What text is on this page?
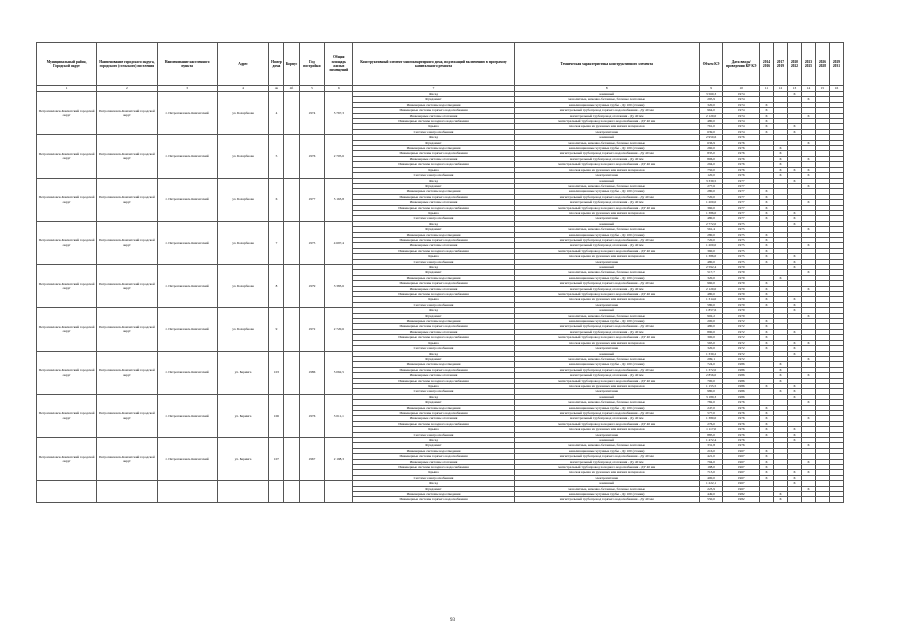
Муниципальный район, Городской округ	Наименование городского округа, городского (сельского) поселения	Наименование населенного пункта	Адрес	Номер дома	Корпус	Год постройки	Общая площадь жилых помещений	Конструктивный элемент многоквартирного дома, подлежащий включению в программу капитального ремонта	Техническая характеристика конструктивного элемента	Объем КЭ	Дата ввода/ проведения КР КЭ	2014 2016	2017 2019	2020 2022	2023 2025	2026 2028	2029 2031
1	2	3	4	4а	4б	5	6	7	8	9	10	11	12	13	14	15	16
Петропавловск-Камчатский городской округ	Петропавловск-Камчатский городской округ	г. Петропавловск-Камчатский	ул. Бохарбнова	4		1974	5 767,3	Фасад	каменный	3 560,3	1974			X			
								Фундамент	монолитные, каменно-бетонные, блочные ленточные	295,9	1974				X		
								Инженерные системы водоотведения	канализационные чугунные трубы - Ду 100 (стояки)	320,0	1974	X					
								Инженерные системы горячего водоснабжения	магистральный трубопровод горячего водоснабжения - Ду 40 мм	964,0	1974	X					
								Инженерные системы отопления	магистральный трубопровод отопления - Ду 40 мм	2 120,0	1974	X			X		
								Инженерные системы холодного водоснабжения	магистральный трубопровод холодного водоснабжения - ДУ 40 мм	480,0	1974	X					
								Крыша	плоская крыша из рулонных или мягких материалов	761,0	1974	X		X			
								Система электроснабжения	электропитание	639,0	1974	X		X			
Петропавловск-Камчатский городской округ	Петропавловск-Камчатский городской округ	г. Петропавловск-Камчатский	ул. Бохарбнова	5		1976	2 705,6	Фасад	каменный	2 950,6	1976						
								Фундамент	монолитные, каменно-бетонные, блочные ленточные	636,9	1976				X		
								Инженерные системы водоотведения	канализационные чугунные трубы - Ду 100 (стояки)	260,0	1976		X				
								Инженерные системы горячего водоснабжения	магистральный трубопровод горячего водоснабжения - Ду 40 мм	835,0	1976		X				
								Инженерные системы отопления	магистральный трубопровод отопления - Ду 40 мм	806,0	1976		X		X		
								Инженерные системы холодного водоснабжения	магистральный трубопровод холодного водоснабжения - ДУ 40 мм	294,0	1976		X				
								Крыша	плоская крыша из рулонных или мягких материалов	750,0	1976		X	X	X		
								Система электроснабжения	электропитание	120,0	1976		X		X		
Петропавловск-Камчатский городской округ	Петропавловск-Камчатский городской округ	г. Петропавловск-Камчатский	ул. Бохарбнова	6		1977	5 163,8	Фасад	каменный	3 339,5	1977			X			
								Фундамент	монолитные, каменно-бетонные, блочные ленточные	277,6	1977				X		
								Инженерные системы водоотведения	канализационные чугунные трубы - Ду 100 (стояки)	280,0	1977	X					
								Инженерные системы горячего водоснабжения	магистральный трубопровод горячего водоснабжения - Ду 40 мм	720,0	1977	X					
								Инженерные системы отопления	магистральный трубопровод отопления - Ду 40 мм	1 200,0	1977	X			X		
								Инженерные системы холодного водоснабжения	магистральный трубопровод холодного водоснабжения - ДУ 40 мм	360,0	1977	X					
								Крыша	плоская крыша из рулонных или мягких материалов	1 386,0	1977	X		X			
								Система электроснабжения	электропитание	480,0	1977	X		X			
Петропавловск-Камчатский городской округ	Петропавловск-Камчатский городской округ	г. Петропавловск-Камчатский	ул. Бохарбнова	7		1975	4 697,4	Фасад	каменный	2 772,0	1975			X			
								Фундамент	монолитные, каменно-бетонные, блочные ленточные	561,4	1975				X		
								Инженерные системы водоотведения	канализационные чугунные трубы - Ду 100 (стояки)	280,0	1975	X					
								Инженерные системы горячего водоснабжения	магистральный трубопровод горячего водоснабжения - Ду 40 мм	720,0	1975	X					
								Инженерные системы отопления	магистральный трубопровод отопления - Ду 40 мм	1 200,0	1975	X			X		
								Инженерные системы холодного водоснабжения	магистральный трубопровод холодного водоснабжения - ДУ 40 мм	360,0	1975	X					
								Крыша	плоская крыша из рулонных или мягких материалов	1 386,0	1975	X		X			
								Система электроснабжения	электропитание	480,0	1975	X		X			
Петропавловск-Камчатский городской округ	Петропавловск-Камчатский городской округ	г. Петропавловск-Камчатский	ул. Бохарбнова	8		1979	3 383,6	Фасад	каменный	2 592,4	1979			X			
								Фундамент	монолитные, каменно-бетонные, блочные ленточные	517,7	1979				X		
								Инженерные системы водоотведения	канализационные чугунные трубы - Ду 100 (стояки)	320,0	1979		X				
								Инженерные системы горячего водоснабжения	магистральный трубопровод горячего водоснабжения - Ду 40 мм	960,0	1979	X					
								Инженерные системы отопления	магистральный трубопровод отопления - Ду 40 мм	2 120,0	1979	X			X		
								Инженерные системы холодного водоснабжения	магистральный трубопровод холодного водоснабжения - ДУ 40 мм	480,0	1979	X					
								Крыша	плоская крыша из рулонных или мягких материалов	1 314,0	1979	X		X			
								Система электроснабжения	электропитание	580,0	1979	X		X			
Петропавловск-Камчатский городской округ	Петропавловск-Камчатский городской округ	г. Петропавловск-Камчатский	ул. Бохарбнова	9		1972	2 720,6	Фасад	каменный	1 857,6	1979			X			
								Фундамент	монолитные, каменно-бетонные, блочные ленточные	902,2	1979				X		
								Инженерные системы водоотведения	канализационные чугунные трубы - Ду 100 (стояки)	200,0	1972	X					
								Инженерные системы горячего водоснабжения	магистральный трубопровод горячего водоснабжения - Ду 40 мм	480,0	1972	X					
								Инженерные системы отопления	магистральный трубопровод отопления - Ду 40 мм	890,0	1972	X		X			
								Инженерные системы холодного водоснабжения	магистральный трубопровод холодного водоснабжения - ДУ 40 мм	300,0	1972	X					
								Крыша	плоская крыша из рулонных или мягких материалов	565,0	1972	X		X	X		
								Система электроснабжения	электропитание	320,0	1972	X		X			
Петропавловск-Камчатский городской округ	Петропавловск-Камчатский городской округ	г. Петропавловск-Камчатский	ул. Беринга	103		1986	5 062,5	Фасад	каменный	1 330,2	1972			X			
								Фундамент	монолитные, каменно-бетонные, блочные ленточные	299,1	1972				X		
								Инженерные системы водоотведения	канализационные чугунные трубы - Ду 100 (стояки)	724,0	1986		X				
								Инженерные системы горячего водоснабжения	магистральный трубопровод горячего водоснабжения - Ду 40 мм	1 372,0	1986		X				
								Инженерные системы отопления	магистральный трубопровод отопления - Ду 40 мм	2 856,0	1986		X		X		
								Инженерные системы холодного водоснабжения	магистральный трубопровод холодного водоснабжения - ДУ 40 мм	700,0	1986		X				
								Крыша	плоская крыша из рулонных или мягких материалов	1 155,5	1986	X		X			
								Система электроснабжения	электропитание	980,0	1986		X	X			
Петропавловск-Камчатский городской округ	Петропавловск-Камчатский городской округ	г. Петропавловск-Камчатский	ул. Беринга	106		1976	3 011,1	Фасад	каменный	3 189,3	1986			X			
								Фундамент	монолитные, каменно-бетонные, блочные ленточные	782,0	1976				X		
								Инженерные системы водоотведения	канализационные чугунные трубы - Ду 100 (стояки)	247,0	1976	X					
								Инженерные системы горячего водоснабжения	магистральный трубопровод горячего водоснабжения - Ду 40 мм	577,0	1976	X					
								Инженерные системы отопления	магистральный трубопровод отопления - Ду 40 мм	1 380,0	1976	X			X		
								Инженерные системы холодного водоснабжения	магистральный трубопровод холодного водоснабжения - ДУ 40 мм	276,0	1976	X					
								Крыша	плоская крыша из рулонных или мягких материалов	1 117,0	1976	X		X			
								Система электроснабжения	электропитание	885,0	1976	X		X			
Петропавловск-Камчатский городской округ	Петропавловск-Камчатский городской округ	г. Петропавловск-Камчатский	ул. Беринга	107		1967	2 198,3	Фасад	каменный	1 472,4	1976			X			
								Фундамент	монолитные, каменно-бетонные, блочные ленточные	331,8	1976				X		
								Инженерные системы водоотведения	канализационные чугунные трубы - Ду 100 (стояки)	216,0	1967	X					
								Инженерные системы горячего водоснабжения	магистральный трубопровод горячего водоснабжения - Ду 40 мм	421,0	1967	X					
								Инженерные системы отопления	магистральный трубопровод отопления - Ду 40 мм	794,0	1967	X			X		
								Инженерные системы холодного водоснабжения	магистральный трубопровод холодного водоснабжения - ДУ 40 мм	198,0	1967	X					
								Крыша	плоская крыша из рулонных или мягких материалов	713,0	1967	X		X	X		
								Система электроснабжения	электропитание	400,0	1967	X		X			
								Фасад	каменный	1 222,1	1967			X			
								Фундамент	монолитные, каменно-бетонные, блочные ленточные	223,9	1967				X		
								Инженерные системы водоотведения	канализационные чугунные трубы - Ду 100 (стояки)	449,0	1982		X				
								Инженерные системы горячего водоснабжения	магистральный трубопровод горячего водоснабжения - Ду 40 мм	550,0	1982		X				
93
